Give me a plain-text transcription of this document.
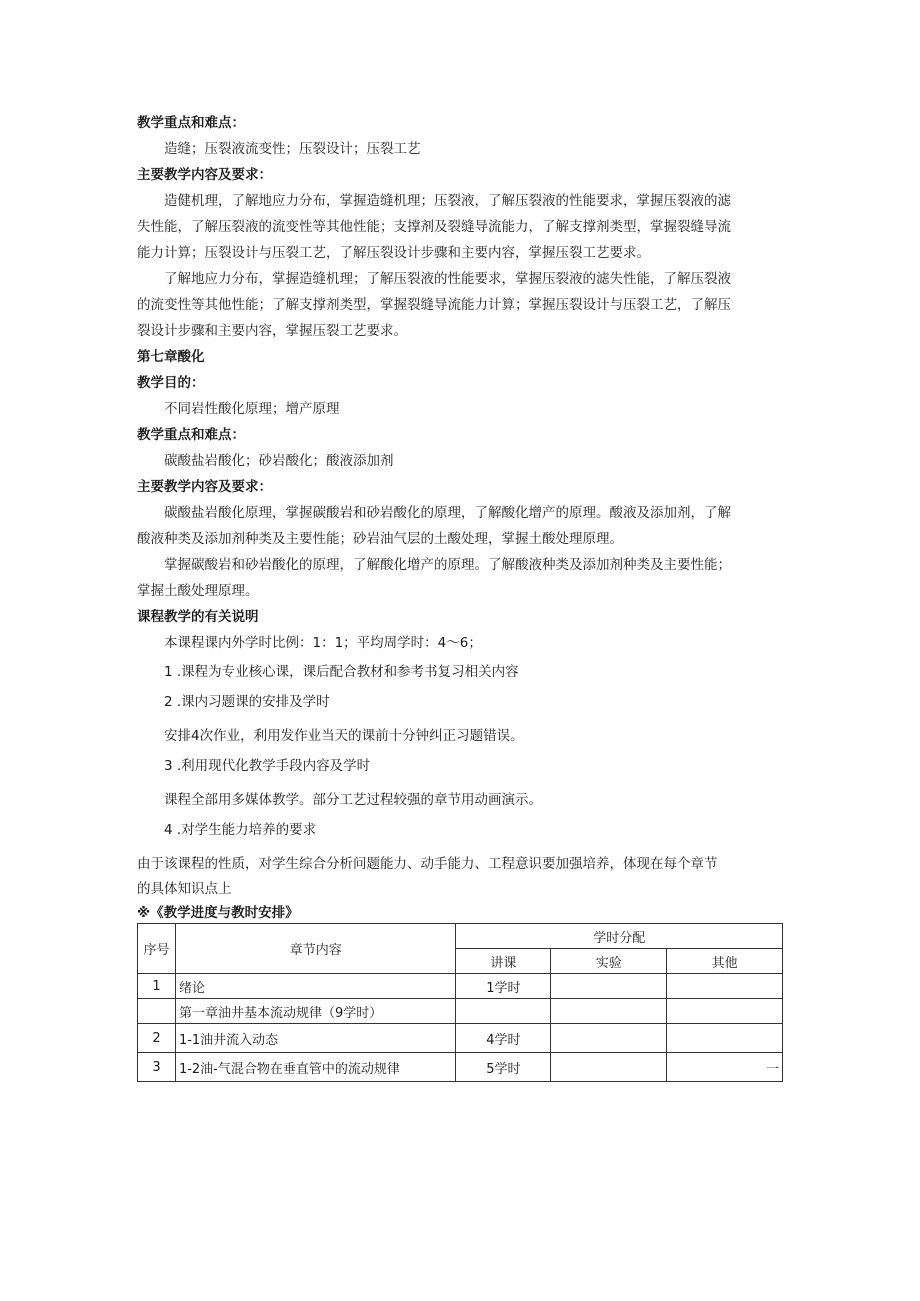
教学重点和难点：
造缝；压裂液流变性；压裂设计；压裂工艺
主要教学内容及要求：
造健机理，了解地应力分布，掌握造缝机理；压裂液，了解压裂液的性能要求，掌握压裂液的滤
失性能，了解压裂液的流变性等其他性能；支撑剂及裂缝导流能力，了解支撑剂类型，掌握裂缝导流
能力计算；压裂设计与压裂工艺，了解压裂设计步骤和主要内容，掌握压裂工艺要求。
了解地应力分布，掌握造缝机理；了解压裂液的性能要求，掌握压裂液的滤失性能，了解压裂液
的流变性等其他性能；了解支撑剂类型，掌握裂缝导流能力计算；掌握压裂设计与压裂工艺，了解压
裂设计步骤和主要内容，掌握压裂工艺要求。
第七章酸化
教学目的：
不同岩性酸化原理；增产原理
教学重点和难点：
碳酸盐岩酸化；砂岩酸化；酸液添加剂
主要教学内容及要求：
碳酸盐岩酸化原理，掌握碳酸岩和砂岩酸化的原理，了解酸化增产的原理。酸液及添加剂，了解
酸液种类及添加剂种类及主要性能；砂岩油气层的土酸处理，掌握土酸处理原理。
掌握碳酸岩和砂岩酸化的原理，了解酸化增产的原理。了解酸液种类及添加剂种类及主要性能；
掌握土酸处理原理。
课程教学的有关说明
本课程课内外学时比例：1：1；平均周学时：4～6；
1 .课程为专业核心课，课后配合教材和参考书复习相关内容
2 .课内习题课的安排及学时
安排4次作业，利用发作业当天的课前十分钟纠正习题错误。
3 .利用现代化教学手段内容及学时
课程全部用多媒体教学。部分工艺过程较强的章节用动画演示。
4 .对学生能力培养的要求
由于该课程的性质，对学生综合分析问题能力、动手能力、工程意识要加强培养，体现在每个章节
的具体知识点上
※《教学进度与教时安排》
序号	章节内容	学时分配		
		讲课	实验	其他
1	绪论	1学时		
	第一章油井基本流动规律（9学时）			
2	1-1油井流入动态	4学时		
3	1-2油-气混合物在垂直管中的流动规律	5学时		一
